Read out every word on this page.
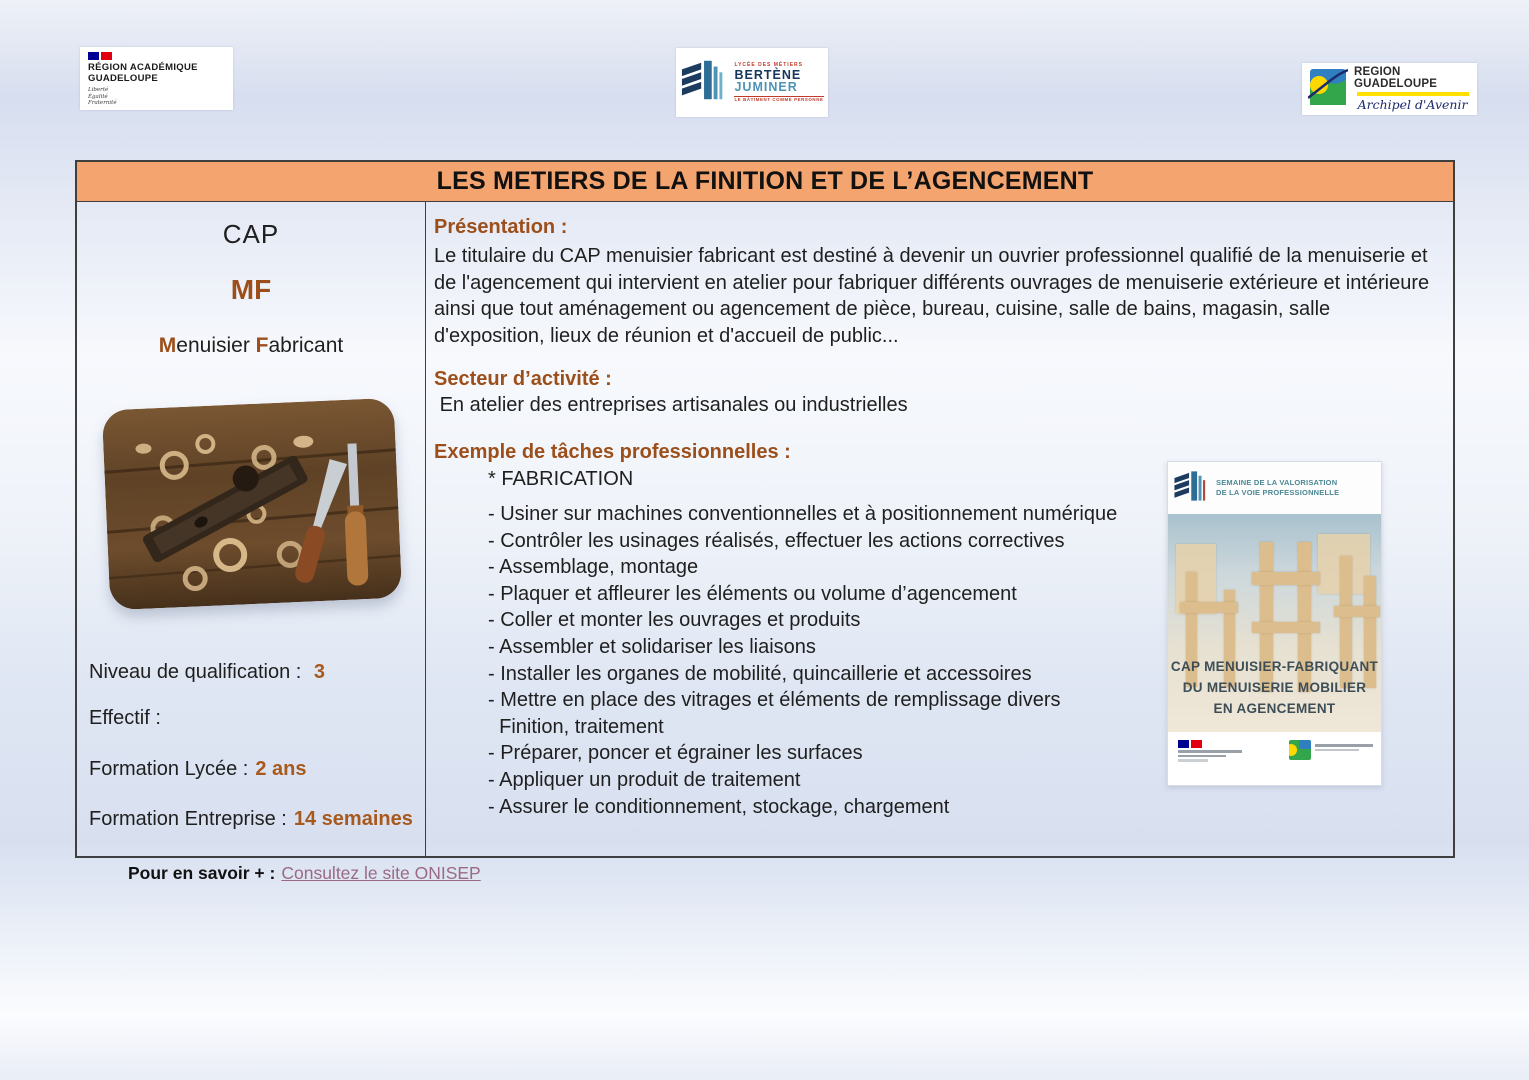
RÉGION ACADÉMIQUE
GUADELOUPE
Liberté
Égalité
Fraternité
LYCÉE DES MÉTIERS
BERTÈNE
JUMINER
LE BÂTIMENT COMME PERSONNE
REGION GUADELOUPE
Archipel d'Avenir
LES METIERS DE LA FINITION ET DE L’AGENCEMENT
CAP
MF
Menuisier Fabricant
Niveau de qualification : 3
Effectif :
Formation Lycée : 2 ans
Formation Entreprise : 14 semaines
Présentation :
Le titulaire du CAP menuisier fabricant est destiné à devenir un ouvrier professionnel qualifié de la menuiserie et de l'agencement qui intervient en atelier pour fabriquer différents ouvrages de menuiserie extérieure et intérieure ainsi que tout aménagement ou agencement de pièce, bureau, cuisine, salle de bains, magasin, salle d'exposition, lieux de réunion et d'accueil de public...
Secteur d’activité :
En atelier des entreprises artisanales ou industrielles
Exemple de tâches professionnelles :
* FABRICATION
- Usiner sur machines conventionnelles et à positionnement numérique
- Contrôler les usinages réalisés, effectuer les actions correctives
- Assemblage, montage
- Plaquer et affleurer les éléments ou volume d’agencement
- Coller et monter les ouvrages et produits
- Assembler et solidariser les liaisons
- Installer les organes de mobilité, quincaillerie et accessoires
- Mettre en place des vitrages et éléments de remplissage divers
Finition, traitement
- Préparer, poncer et égrainer les surfaces
- Appliquer un produit de traitement
- Assurer le conditionnement, stockage, chargement
SEMAINE DE LA VALORISATION
DE LA VOIE PROFESSIONNELLE
CAP MENUISIER-FABRIQUANT
DU MENUISERIE MOBILIER
EN AGENCEMENT
Pour en savoir + : Consultez le site ONISEP
